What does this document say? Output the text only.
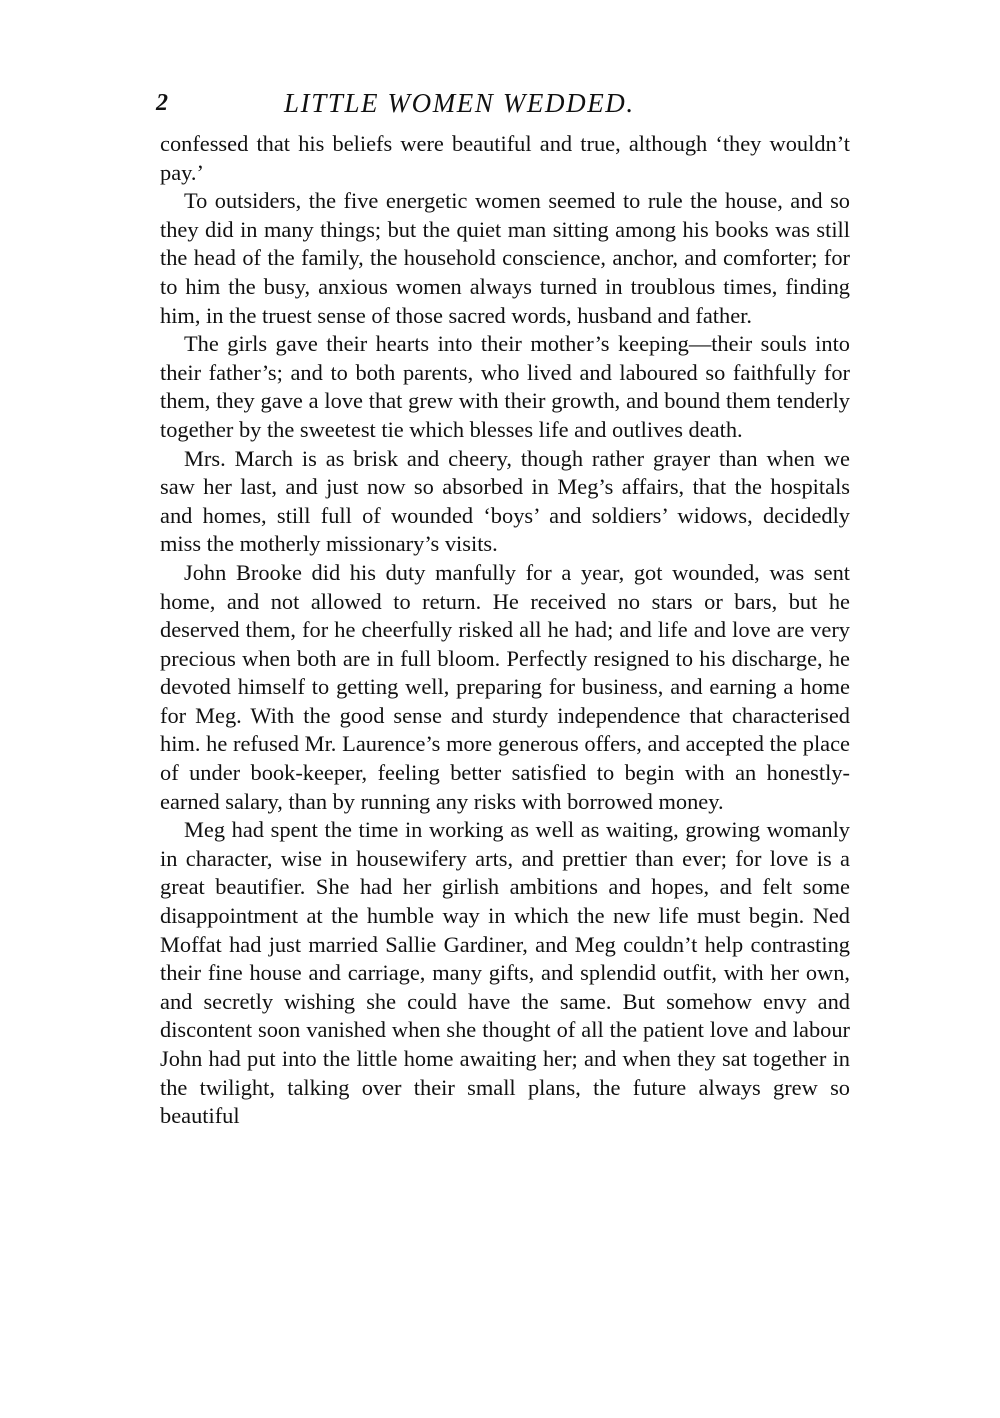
2	LITTLE WOMEN WEDDED.

confessed that his beliefs were beautiful and true, although ‘they wouldn’t pay.’

To outsiders, the five energetic women seemed to rule the house, and so they did in many things; but the quiet man sitting among his books was still the head of the family, the household conscience, anchor, and comforter; for to him the busy, anxious women always turned in troublous times, finding him, in the truest sense of those sacred words, husband and father.

The girls gave their hearts into their mother’s keeping—their souls into their father’s; and to both parents, who lived and laboured so faithfully for them, they gave a love that grew with their growth, and bound them tenderly together by the sweetest tie which blesses life and outlives death.

Mrs. March is as brisk and cheery, though rather grayer than when we saw her last, and just now so absorbed in Meg’s affairs, that the hospitals and homes, still full of wounded ‘boys’ and soldiers’ widows, decidedly miss the motherly missionary’s visits.

John Brooke did his duty manfully for a year, got wounded, was sent home, and not allowed to return. He received no stars or bars, but he deserved them, for he cheerfully risked all he had; and life and love are very precious when both are in full bloom. Perfectly resigned to his discharge, he devoted himself to getting well, preparing for business, and earning a home for Meg. With the good sense and sturdy independence that characterised him. he refused Mr. Laurence’s more generous offers, and accepted the place of under book-keeper, feeling better satisfied to begin with an honestly-earned salary, than by running any risks with borrowed money.

Meg had spent the time in working as well as waiting, growing womanly in character, wise in housewifery arts, and prettier than ever; for love is a great beautifier. She had her girlish ambitions and hopes, and felt some disappointment at the humble way in which the new life must begin. Ned Moffat had just married Sallie Gardiner, and Meg couldn’t help contrasting their fine house and carriage, many gifts, and splendid outfit, with her own, and secretly wishing she could have the same. But somehow envy and discontent soon vanished when she thought of all the patient love and labour John had put into the little home awaiting her; and when they sat together in the twilight, talking over their small plans, the future always grew so beautiful
